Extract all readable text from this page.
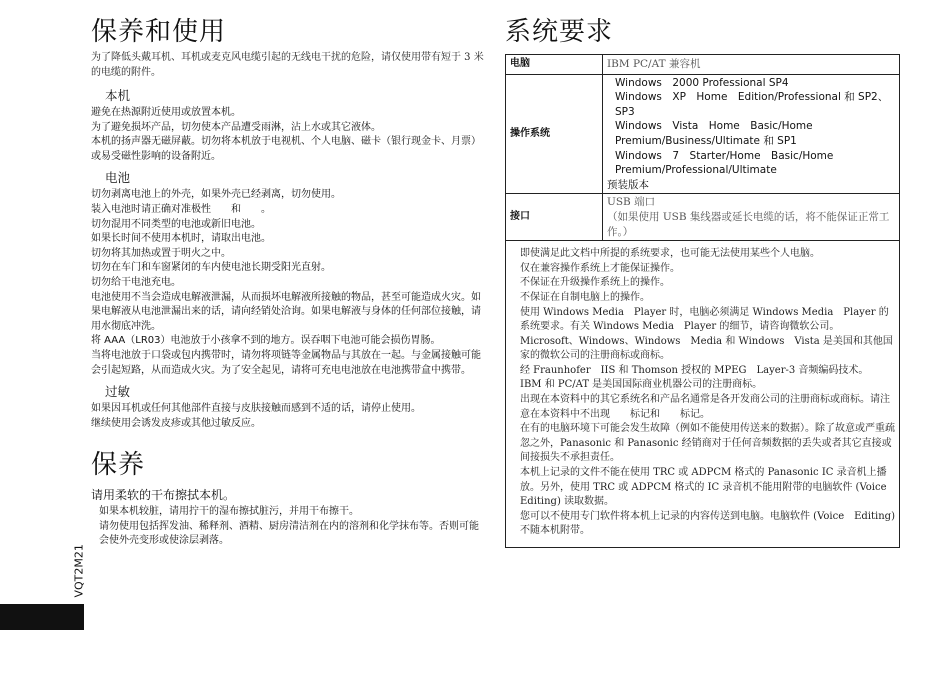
保养和使用

为了降低头戴耳机、耳机或麦克风电缆引起的无线电干扰的危险，请仅使用带有短于 3 米的电缆的附件。

本机

避免在热源附近使用或放置本机。

为了避免损坏产品，切勿使本产品遭受雨淋，沾上水或其它液体。

本机的扬声器无磁屏蔽。切勿将本机放于电视机、个人电脑、磁卡（银行现金卡、月票）或易受磁性影响的设备附近。

电池

切勿剥离电池上的外壳，如果外壳已经剥离，切勿使用。

装入电池时请正确对准极性　　和　　。

切勿混用不同类型的电池或新旧电池。

如果长时间不使用本机时，请取出电池。

切勿将其加热或置于明火之中。

切勿在车门和车窗紧闭的车内使电池长期受阳光直射。

切勿给干电池充电。

电池使用不当会造成电解液泄漏，从而损坏电解液所接触的物品，甚至可能造成火灾。如果电解液从电池泄漏出来的话，请向经销处洽询。如果电解液与身体的任何部位接触，请用水彻底冲洗。

将 AAA（LR03）电池放于小孩拿不到的地方。误吞咽下电池可能会损伤胃肠。

当将电池放于口袋或包内携带时，请勿将项链等金属物品与其放在一起。与金属接触可能会引起短路，从而造成火灾。为了安全起见，请将可充电电池放在电池携带盒中携带。

过敏

如果因耳机或任何其他部件直接与皮肤接触而感到不适的话，请停止使用。

继续使用会诱发皮疹或其他过敏反应。

保养

请用柔软的干布擦拭本机。

如果本机较脏，请用拧干的湿布擦拭脏污，并用干布擦干。

请勿使用包括挥发油、稀释剂、酒精、厨房清洁剂在内的溶剂和化学抹布等。否则可能会使外壳变形或使涂层剥落。

VQT2M21
系统要求
电脑	IBM PC/AT 兼容机
操作系统	Windows　2000 Professional SP4
Windows　XP　Home　Edition/Professional 和 SP2、SP3
Windows　Vista　Home　Basic/Home　Premium/Business/Ultimate 和 SP1
Windows　7　Starter/Home　Basic/Home Premium/Professional/Ultimate
预装版本

接口	USB 端口
（如果使用 USB 集线器或延长电缆的话，将不能保证正常工作。）

即使满足此文档中所提的系统要求，也可能无法使用某些个人电脑。

仅在兼容操作系统上才能保证操作。

不保证在升级操作系统上的操作。

不保证在自制电脑上的操作。

使用 Windows Media　Player 时，电脑必须满足 Windows Media　Player 的系统要求。有关 Windows Media　Player 的细节，请咨询微软公司。

Microsoft、Windows、Windows　Media 和 Windows　Vista 是美国和其他国家的微软公司的注册商标或商标。

经 Fraunhofer　IIS 和 Thomson 授权的 MPEG　Layer-3 音频编码技术。

IBM 和 PC/AT 是美国国际商业机器公司的注册商标。

出现在本资料中的其它系统名和产品名通常是各开发商公司的注册商标或商标。请注意在本资料中不出现　　标记和　　标记。

在有的电脑环境下可能会发生故障（例如不能使用传送来的数据）。除了故意或严重疏忽之外，Panasonic 和 Panasonic 经销商对于任何音频数据的丢失或者其它直接或间接损失不承担责任。

本机上记录的文件不能在使用 TRC 或 ADPCM 格式的 Panasonic IC 录音机上播放。另外，使用 TRC 或 ADPCM 格式的 IC 录音机不能用附带的电脑软件 (Voice　Editing) 读取数据。

您可以不使用专门软件将本机上记录的内容传送到电脑。电脑软件 (Voice　Editing) 不随本机附带。
